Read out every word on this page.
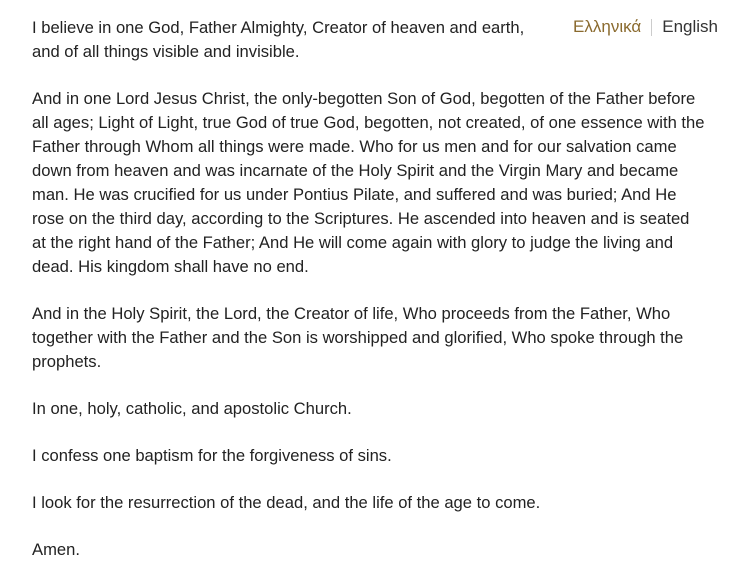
Ελληνικά English

I believe in one God, Father Almighty, Creator of heaven and earth, and of all things visible and invisible.

And in one Lord Jesus Christ, the only-begotten Son of God, begotten of the Father before all ages; Light of Light, true God of true God, begotten, not created, of one essence with the Father through Whom all things were made. Who for us men and for our salvation came down from heaven and was incarnate of the Holy Spirit and the Virgin Mary and became man. He was crucified for us under Pontius Pilate, and suffered and was buried; And He rose on the third day, according to the Scriptures. He ascended into heaven and is seated at the right hand of the Father; And He will come again with glory to judge the living and dead. His kingdom shall have no end.

And in the Holy Spirit, the Lord, the Creator of life, Who proceeds from the Father, Who together with the Father and the Son is worshipped and glorified, Who spoke through the prophets.

In one, holy, catholic, and apostolic Church.

I confess one baptism for the forgiveness of sins.

I look for the resurrection of the dead, and the life of the age to come.

Amen.
